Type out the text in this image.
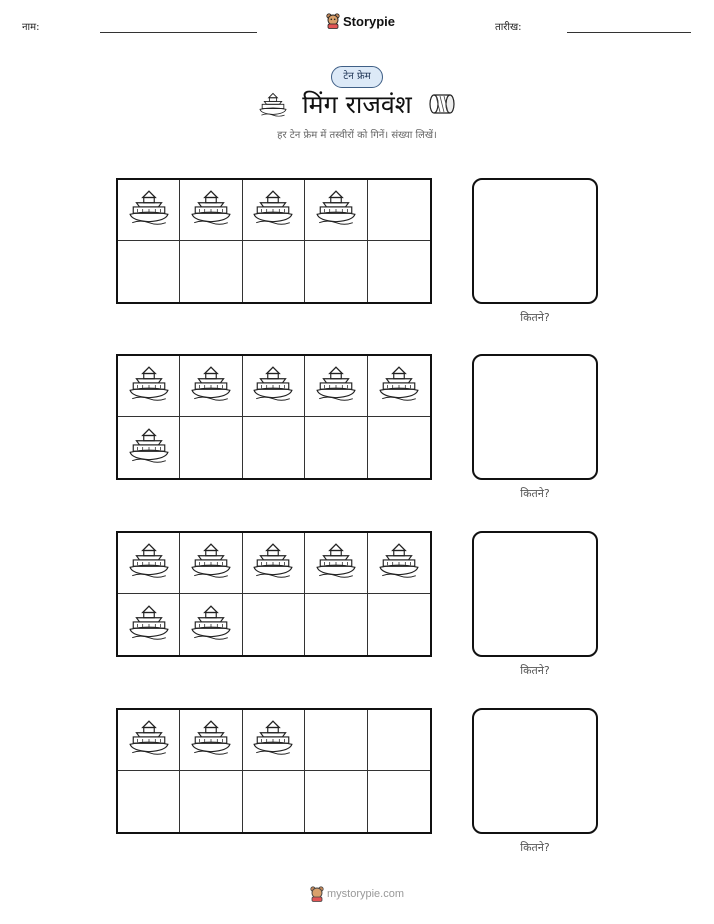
नाम:	Storypie	तारीख:
टेन फ्रेम
मिंग राजवंश
हर टेन फ्रेम में तस्वीरों को गिनें। संख्या लिखें।
कितने?
कितने?
कितने?
कितने?
mystorypie.com
